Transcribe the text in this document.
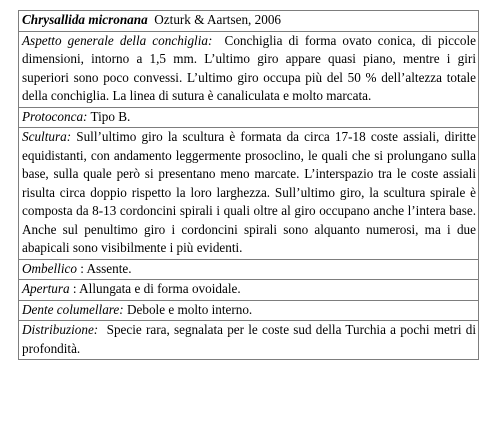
Chrysallida micronana Ozturk & Aartsen, 2006
Aspetto generale della conchiglia: Conchiglia di forma ovato conica, di piccole dimensioni, intorno a 1,5 mm. L’ultimo giro appare quasi piano, mentre i giri superiori sono poco convessi. L’ultimo giro occupa più del 50 % dell’altezza totale della conchiglia. La linea di sutura è canaliculata e molto marcata.
Protoconca: Tipo B.
Scultura: Sull’ultimo giro la scultura è formata da circa 17-18 coste assiali, diritte equidistanti, con andamento leggermente prosoclino, le quali che si prolungano sulla base, sulla quale però si presentano meno marcate. L’interspazio tra le coste assiali risulta circa doppio rispetto la loro larghezza. Sull’ultimo giro, la scultura spirale è composta da 8-13 cordoncini spirali i quali oltre al giro occupano anche l’intera base. Anche sul penultimo giro i cordoncini spirali sono alquanto numerosi, ma i due abapicali sono visibilmente i più evidenti.
Ombellico : Assente.
Apertura : Allungata e di forma ovoidale.
Dente columellare: Debole e molto interno.
Distribuzione: Specie rara, segnalata per le coste sud della Turchia a pochi metri di profondità.
